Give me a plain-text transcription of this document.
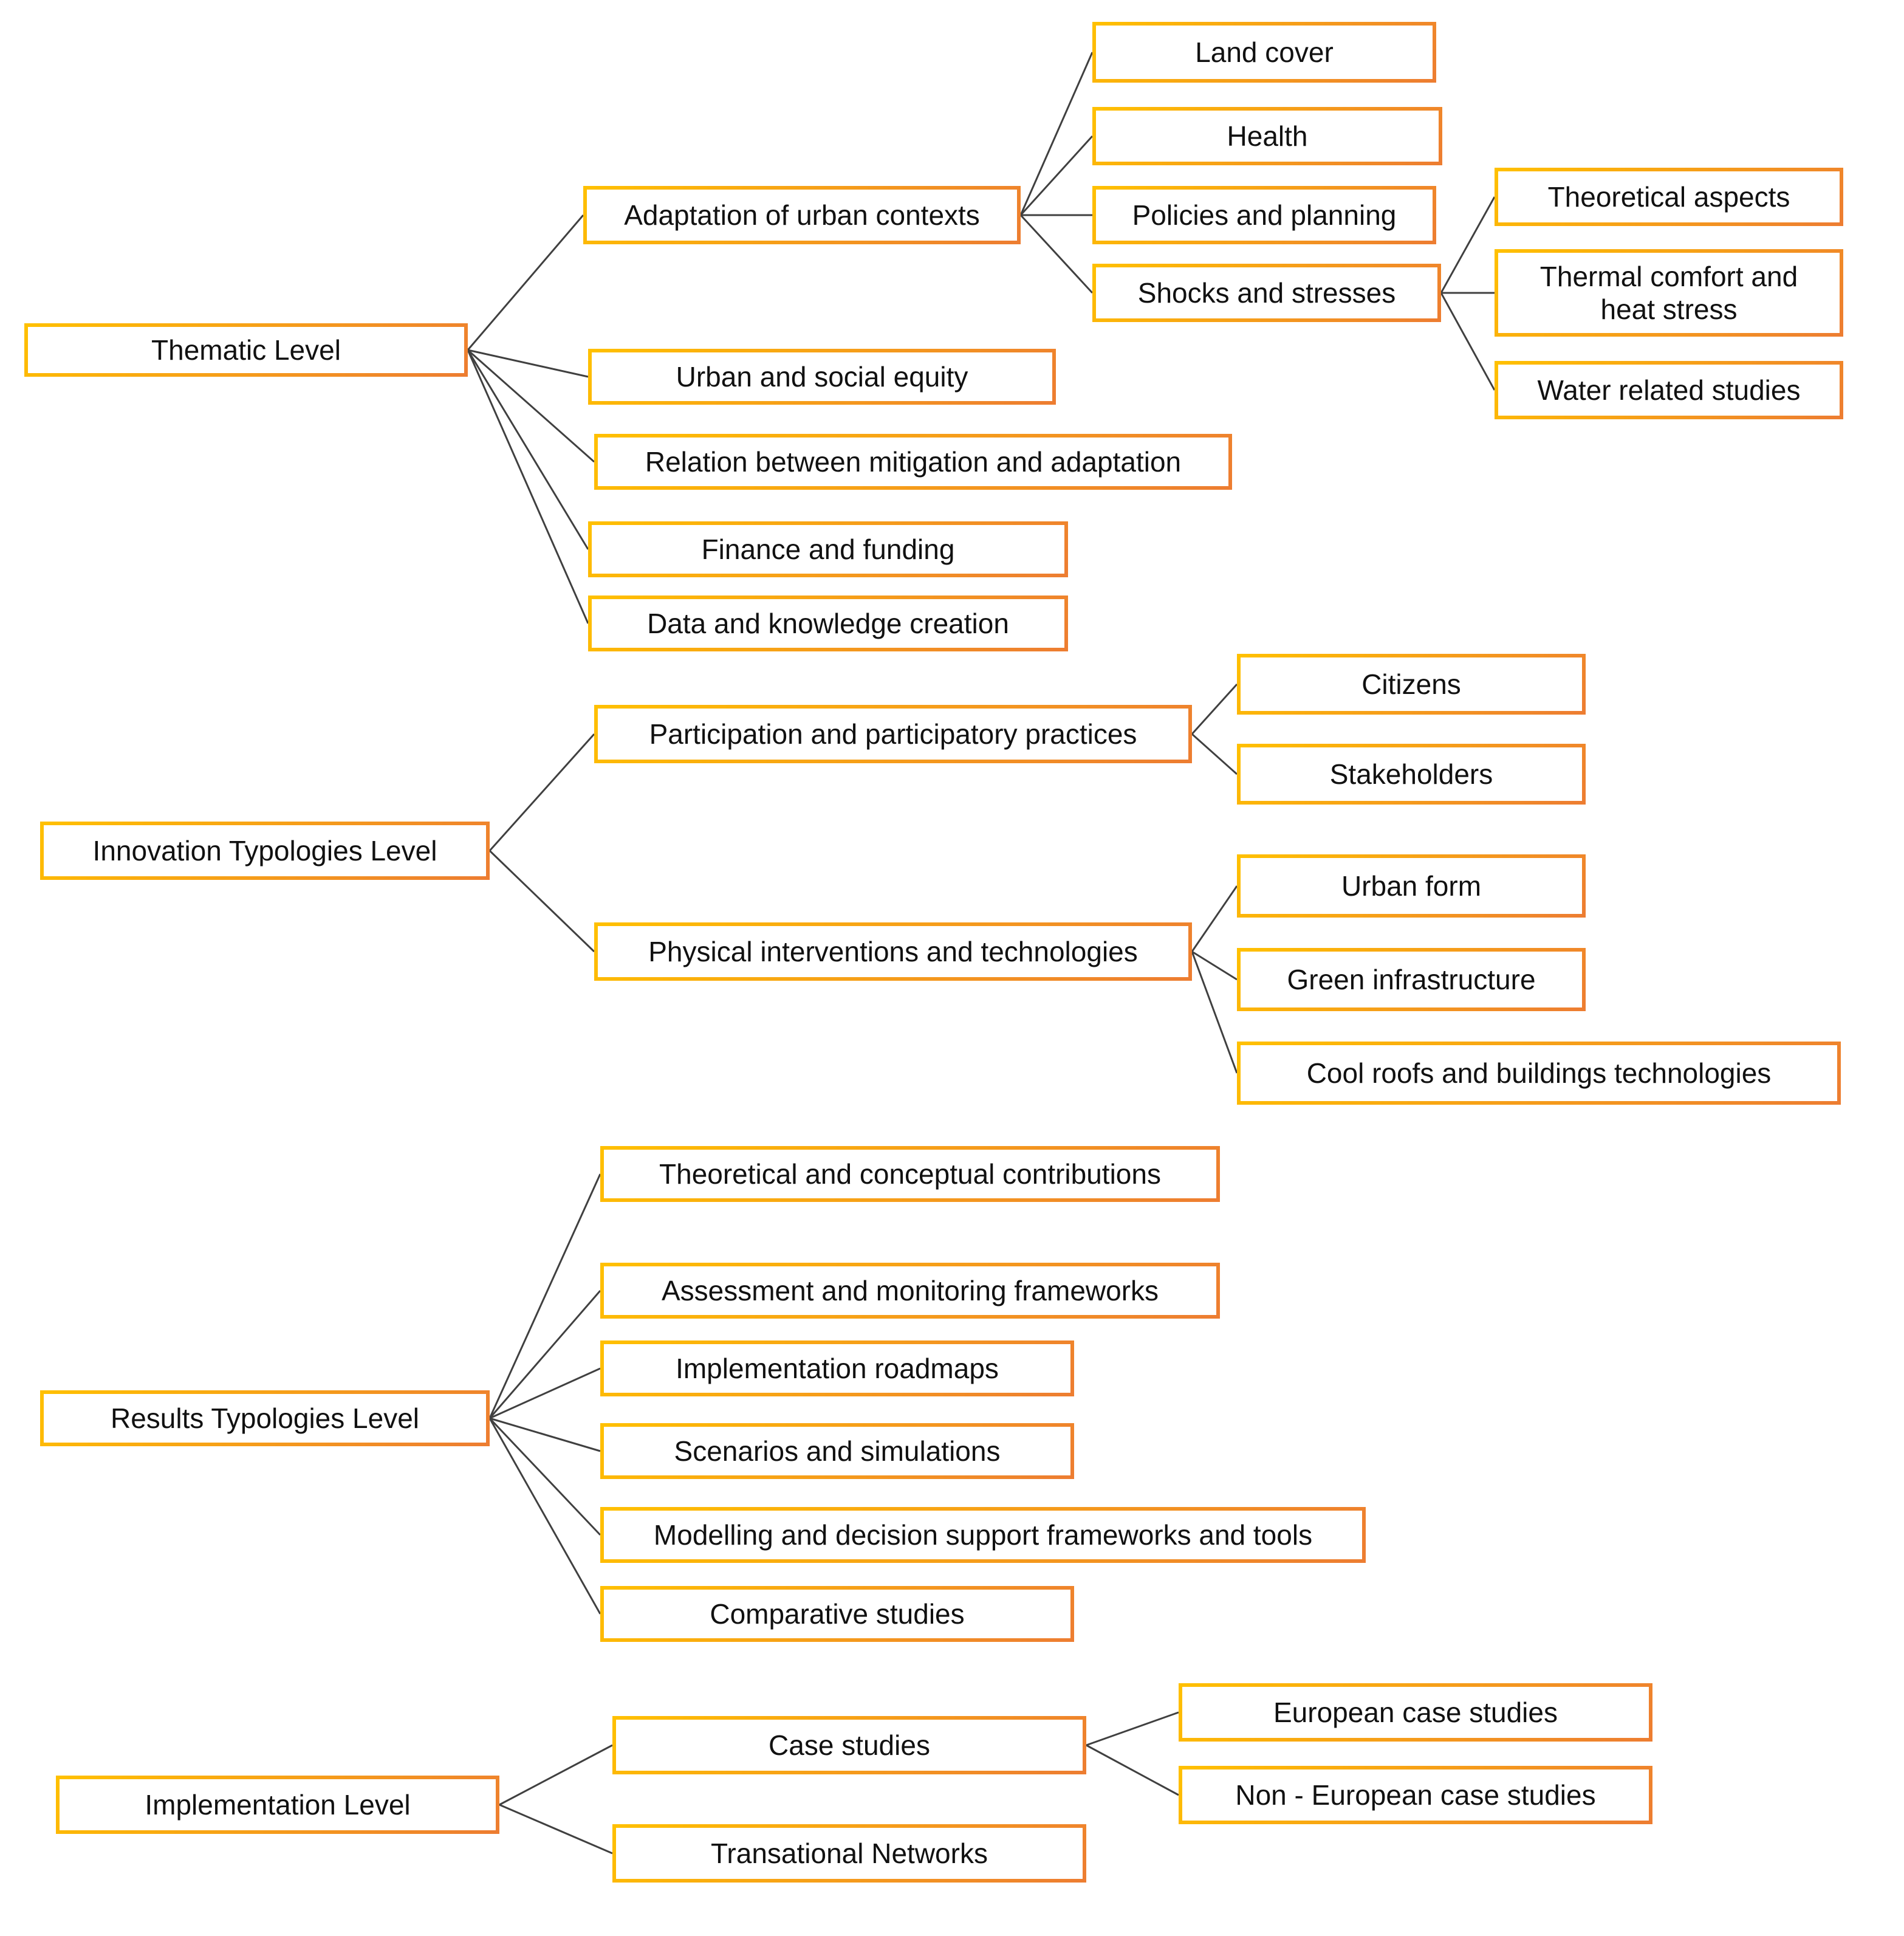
Thematic Level
Adaptation of urban contexts
Land cover
Health
Policies and planning
Shocks and stresses
Theoretical aspects
Thermal comfort and heat stress
Water related studies
Urban and social equity
Relation between mitigation and adaptation
Finance and funding
Data and knowledge creation
Innovation Typologies Level
Participation and participatory practices
Citizens
Stakeholders
Physical interventions and technologies
Urban form
Green infrastructure
Cool roofs and buildings technologies
Results Typologies Level
Theoretical and conceptual contributions
Assessment and monitoring frameworks
Implementation roadmaps
Scenarios and simulations
Modelling and decision support frameworks and tools
Comparative studies
Implementation Level
Case studies
European case studies
Non - European case studies
Transational Networks
